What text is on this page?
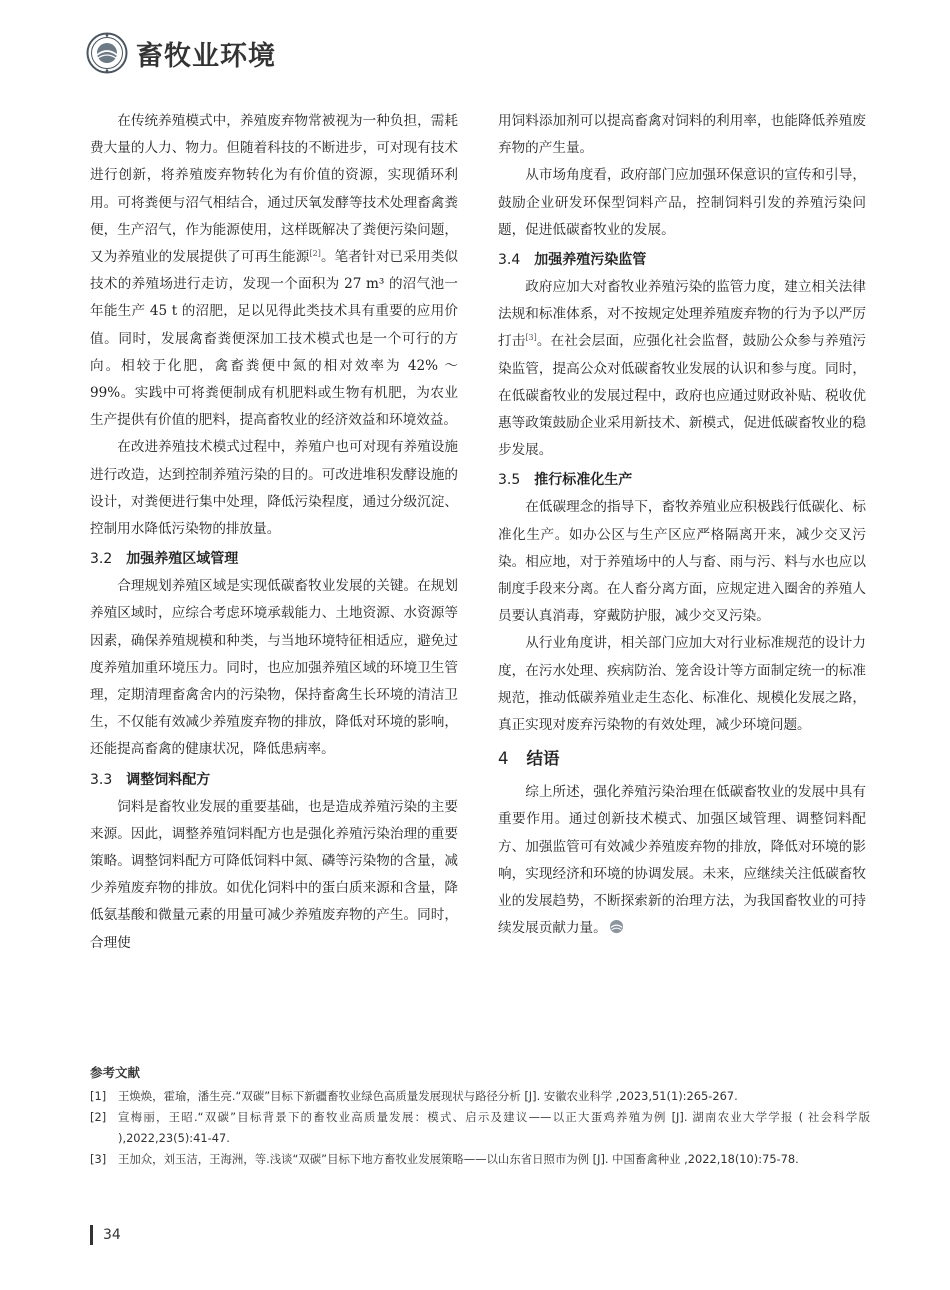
畜牧业环境

在传统养殖模式中，养殖废弃物常被视为一种负担，需耗费大量的人力、物力。但随着科技的不断进步，可对现有技术进行创新，将养殖废弃物转化为有价值的资源，实现循环利用。可将粪便与沼气相结合，通过厌氧发酵等技术处理畜禽粪便，生产沼气，作为能源使用，这样既解决了粪便污染问题，又为养殖业的发展提供了可再生能源[2]。笔者针对已采用类似技术的养殖场进行走访，发现一个面积为 27 m³ 的沼气池一年能生产 45 t 的沼肥，足以见得此类技术具有重要的应用价值。同时，发展禽畜粪便深加工技术模式也是一个可行的方向。相较于化肥，禽畜粪便中氮的相对效率为 42% ～ 99%。实践中可将粪便制成有机肥料或生物有机肥，为农业生产提供有价值的肥料，提高畜牧业的经济效益和环境效益。

在改进养殖技术模式过程中，养殖户也可对现有养殖设施进行改造，达到控制养殖污染的目的。可改进堆积发酵设施的设计，对粪便进行集中处理，降低污染程度，通过分级沉淀、控制用水降低污染物的排放量。

3.2 加强养殖区域管理

合理规划养殖区域是实现低碳畜牧业发展的关键。在规划养殖区域时，应综合考虑环境承载能力、土地资源、水资源等因素，确保养殖规模和种类，与当地环境特征相适应，避免过度养殖加重环境压力。同时，也应加强养殖区域的环境卫生管理，定期清理畜禽舍内的污染物，保持畜禽生长环境的清洁卫生，不仅能有效减少养殖废弃物的排放，降低对环境的影响，还能提高畜禽的健康状况，降低患病率。

3.3 调整饲料配方

饲料是畜牧业发展的重要基础，也是造成养殖污染的主要来源。因此，调整养殖饲料配方也是强化养殖污染治理的重要策略。调整饲料配方可降低饲料中氮、磷等污染物的含量，减少养殖废弃物的排放。如优化饲料中的蛋白质来源和含量，降低氨基酸和微量元素的用量可减少养殖废弃物的产生。同时，合理使

用饲料添加剂可以提高畜禽对饲料的利用率，也能降低养殖废弃物的产生量。

从市场角度看，政府部门应加强环保意识的宣传和引导，鼓励企业研发环保型饲料产品，控制饲料引发的养殖污染问题，促进低碳畜牧业的发展。

3.4 加强养殖污染监管

政府应加大对畜牧业养殖污染的监管力度，建立相关法律法规和标准体系，对不按规定处理养殖废弃物的行为予以严厉打击[3]。在社会层面，应强化社会监督，鼓励公众参与养殖污染监管，提高公众对低碳畜牧业发展的认识和参与度。同时，在低碳畜牧业的发展过程中，政府也应通过财政补贴、税收优惠等政策鼓励企业采用新技术、新模式，促进低碳畜牧业的稳步发展。

3.5 推行标准化生产

在低碳理念的指导下，畜牧养殖业应积极践行低碳化、标准化生产。如办公区与生产区应严格隔离开来，减少交叉污染。相应地，对于养殖场中的人与畜、雨与污、料与水也应以制度手段来分离。在人畜分离方面，应规定进入圈舍的养殖人员要认真消毒，穿戴防护服，减少交叉污染。

从行业角度讲，相关部门应加大对行业标准规范的设计力度，在污水处理、疾病防治、笼舍设计等方面制定统一的标准规范，推动低碳养殖业走生态化、标准化、规模化发展之路，真正实现对废弃污染物的有效处理，减少环境问题。

4 结语

综上所述，强化养殖污染治理在低碳畜牧业的发展中具有重要作用。通过创新技术模式、加强区域管理、调整饲料配方、加强监管可有效减少养殖废弃物的排放，降低对环境的影响，实现经济和环境的协调发展。未来，应继续关注低碳畜牧业的发展趋势，不断探索新的治理方法，为我国畜牧业的可持续发展贡献力量。

参考文献
[1] 王焕焕，霍瑜，潘生亮.“双碳”目标下新疆畜牧业绿色高质量发展现状与路径分析 [J]. 安徽农业科学 ,2023,51(1):265-267.
[2] 宣梅丽，王昭.“双碳”目标背景下的畜牧业高质量发展：模式、启示及建议——以正大蛋鸡养殖为例 [J]. 湖南农业大学学报 ( 社会科学版 ),2022,23(5):41-47.
[3] 王加众，刘玉洁，王海洲，等.浅谈“双碳”目标下地方畜牧业发展策略——以山东省日照市为例 [J]. 中国畜禽种业 ,2022,18(10):75-78.
34
